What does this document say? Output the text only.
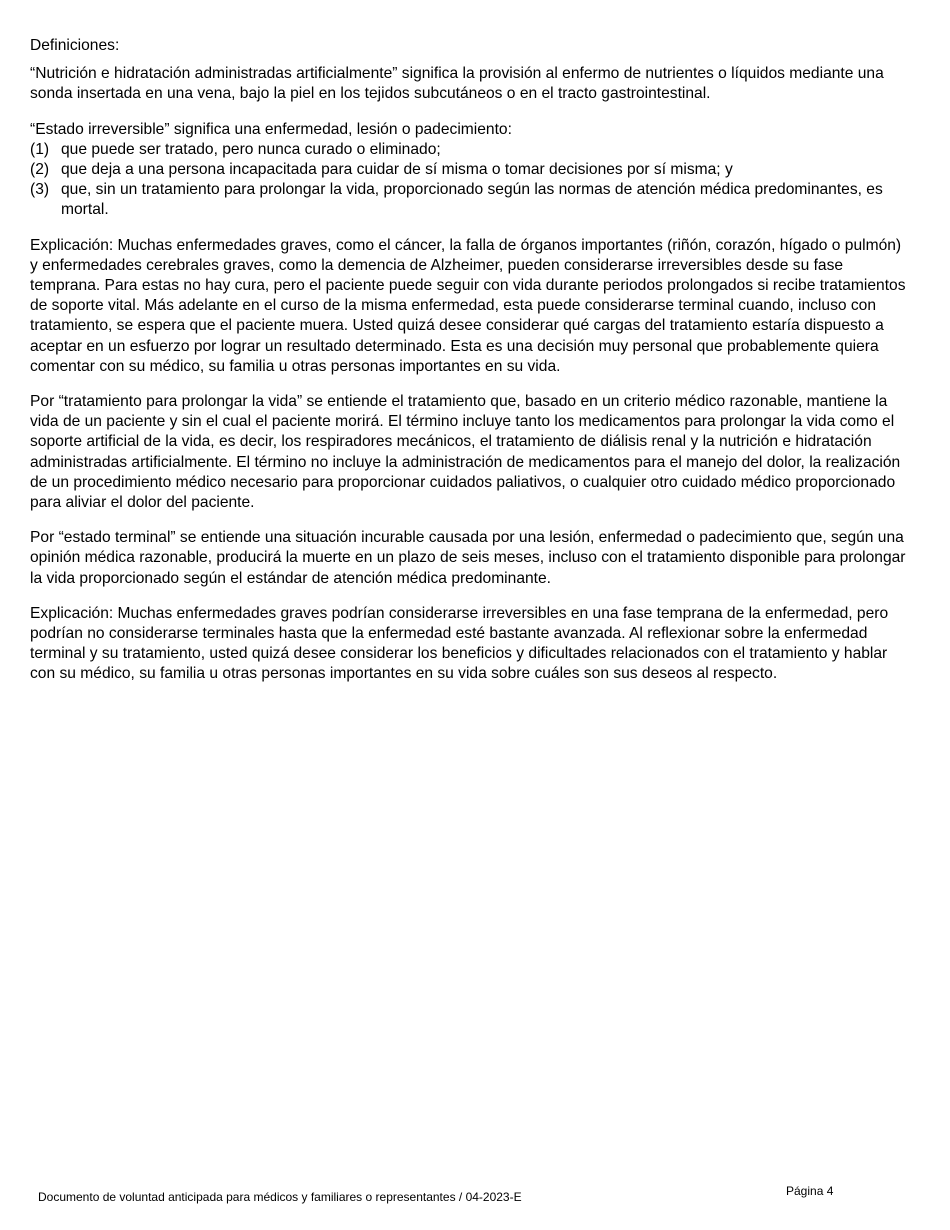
Definiciones:

“Nutrición e hidratación administradas artificialmente” significa la provisión al enfermo de nutrientes o líquidos mediante una sonda insertada en una vena, bajo la piel en los tejidos subcutáneos o en el tracto gastrointestinal.

“Estado irreversible” significa una enfermedad, lesión o padecimiento:

(1) que puede ser tratado, pero nunca curado o eliminado;
(2) que deja a una persona incapacitada para cuidar de sí misma o tomar decisiones por sí misma; y
(3) que, sin un tratamiento para prolongar la vida, proporcionado según las normas de atención médica predominantes, es mortal.

Explicación: Muchas enfermedades graves, como el cáncer, la falla de órganos importantes (riñón, corazón, hígado o pulmón) y enfermedades cerebrales graves, como la demencia de Alzheimer, pueden considerarse irreversibles desde su fase temprana. Para estas no hay cura, pero el paciente puede seguir con vida durante periodos prolongados si recibe tratamientos de soporte vital. Más adelante en el curso de la misma enfermedad, esta puede considerarse terminal cuando, incluso con tratamiento, se espera que el paciente muera. Usted quizá desee considerar qué cargas del tratamiento estaría dispuesto a aceptar en un esfuerzo por lograr un resultado determinado. Esta es una decisión muy personal que probablemente quiera comentar con su médico, su familia u otras personas importantes en su vida.

Por “tratamiento para prolongar la vida” se entiende el tratamiento que, basado en un criterio médico razonable, mantiene la vida de un paciente y sin el cual el paciente morirá. El término incluye tanto los medicamentos para prolongar la vida como el soporte artificial de la vida, es decir, los respiradores mecánicos, el tratamiento de diálisis renal y la nutrición e hidratación administradas artificialmente. El término no incluye la administración de medicamentos para el manejo del dolor, la realización de un procedimiento médico necesario para proporcionar cuidados paliativos, o cualquier otro cuidado médico proporcionado para aliviar el dolor del paciente.

Por “estado terminal” se entiende una situación incurable causada por una lesión, enfermedad o padecimiento que, según una opinión médica razonable, producirá la muerte en un plazo de seis meses, incluso con el tratamiento disponible para prolongar la vida proporcionado según el estándar de atención médica predominante.

Explicación: Muchas enfermedades graves podrían considerarse irreversibles en una fase temprana de la enfermedad, pero podrían no considerarse terminales hasta que la enfermedad esté bastante avanzada. Al reflexionar sobre la enfermedad terminal y su tratamiento, usted quizá desee considerar los beneficios y dificultades relacionados con el tratamiento y hablar con su médico, su familia u otras personas importantes en su vida sobre cuáles son sus deseos al respecto.

Documento de voluntad anticipada para médicos y familiares o representantes / 04-2023-E	Página 4
